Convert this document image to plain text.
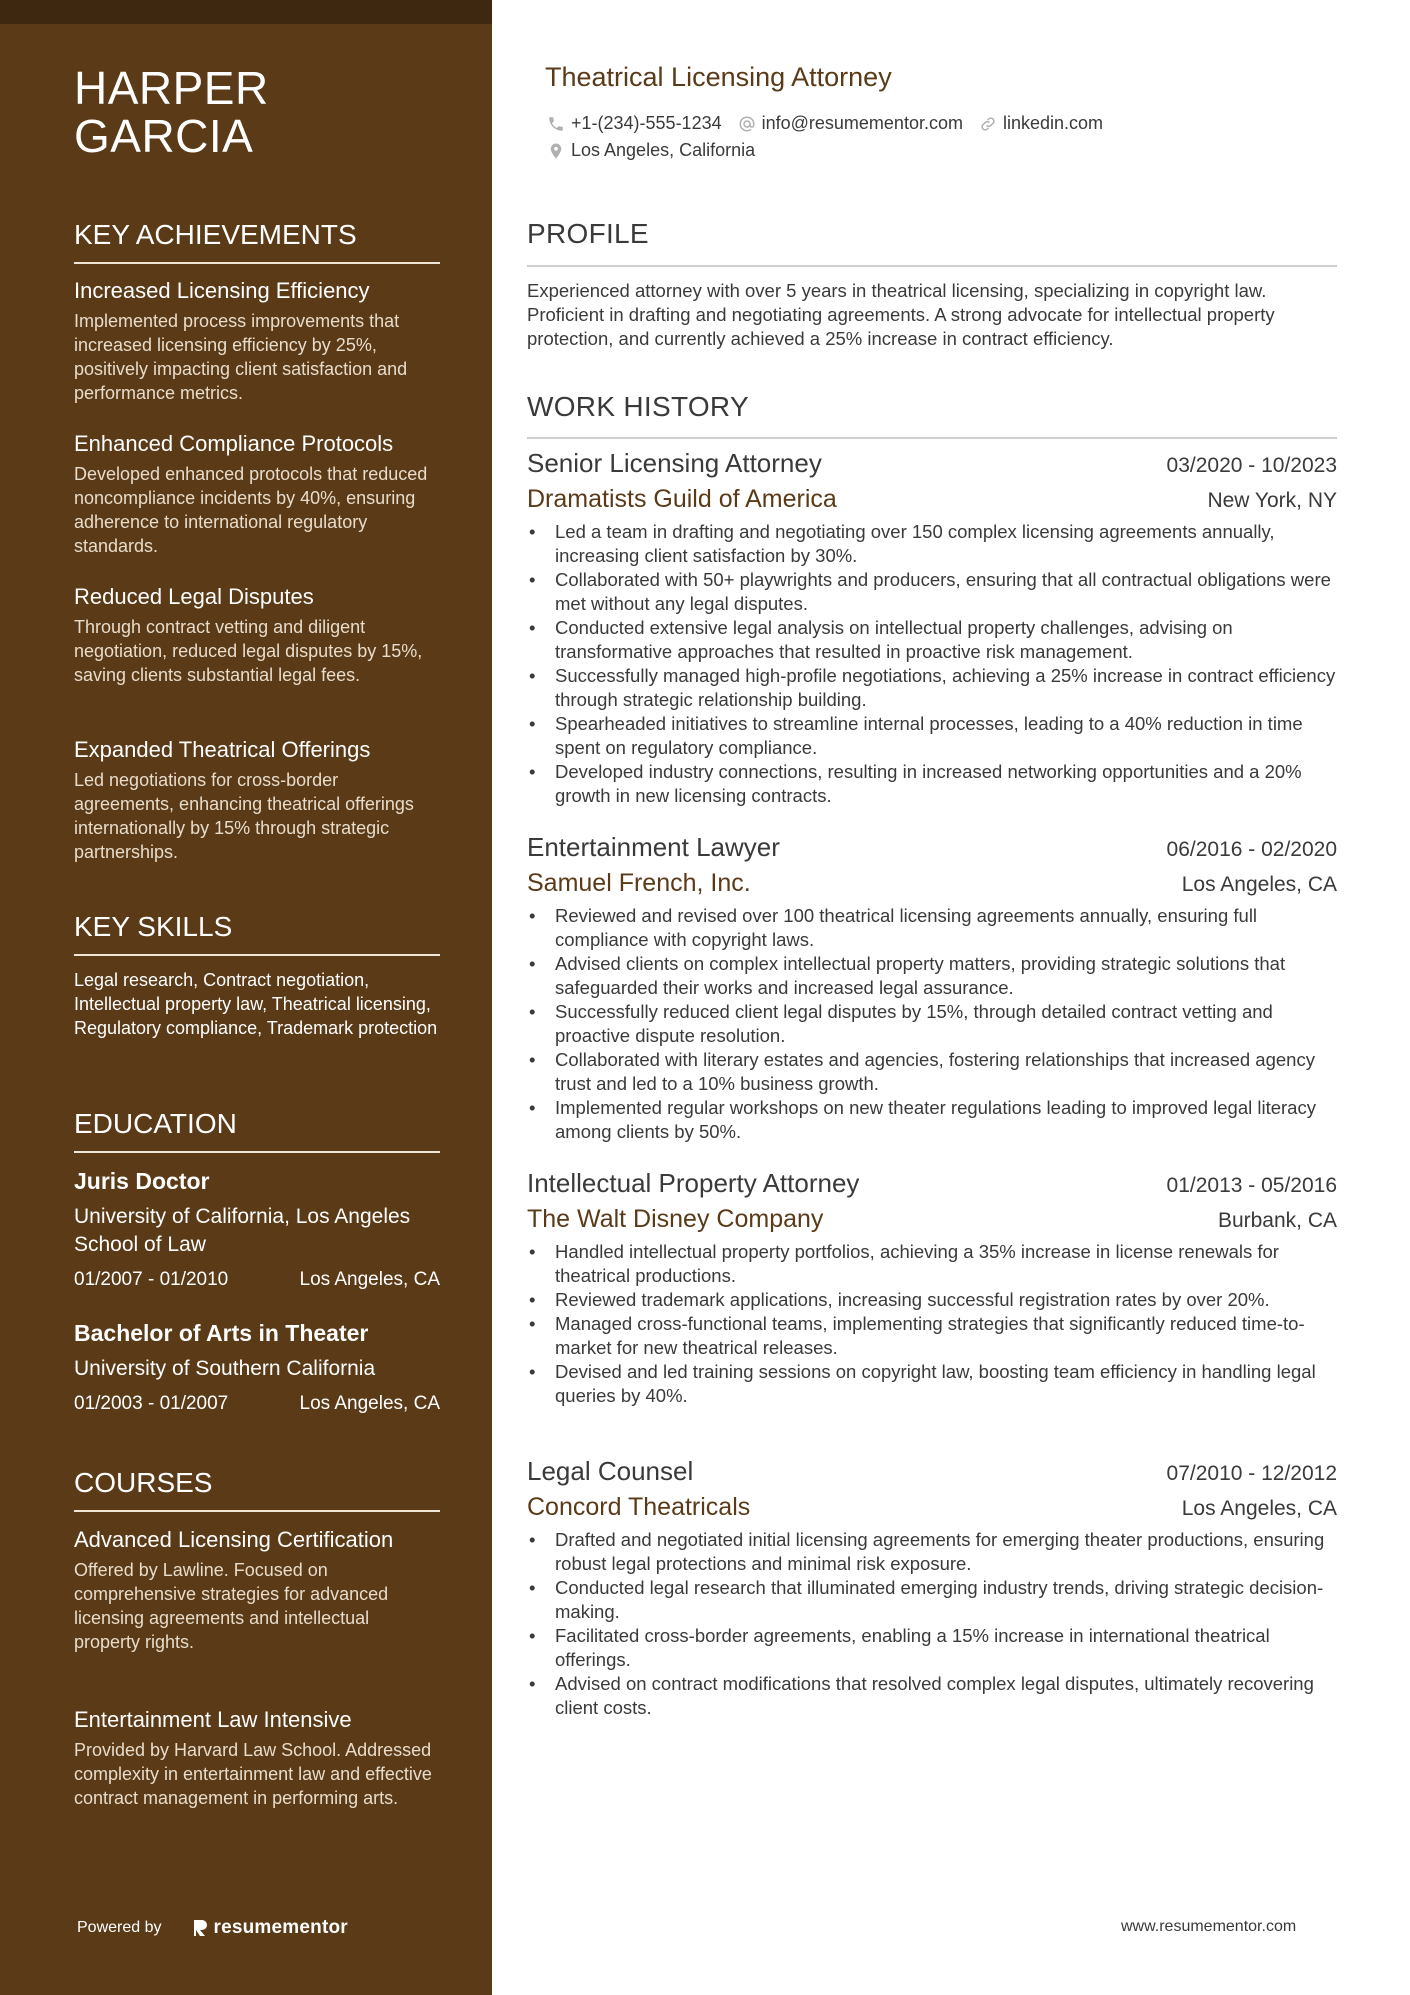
HARPER
GARCIA
KEY ACHIEVEMENTS
Increased Licensing Efficiency
Implemented process improvements that increased licensing efficiency by 25%, positively impacting client satisfaction and performance metrics.
Enhanced Compliance Protocols
Developed enhanced protocols that reduced noncompliance incidents by 40%, ensuring adherence to international regulatory standards.
Reduced Legal Disputes
Through contract vetting and diligent negotiation, reduced legal disputes by 15%, saving clients substantial legal fees.
Expanded Theatrical Offerings
Led negotiations for cross-border agreements, enhancing theatrical offerings internationally by 15% through strategic partnerships.
KEY SKILLS
Legal research, Contract negotiation, Intellectual property law, Theatrical licensing, Regulatory compliance, Trademark protection
EDUCATION
Juris Doctor
University of California, Los Angeles School of Law
01/2007 - 01/2010	Los Angeles, CA
Bachelor of Arts in Theater
University of Southern California
01/2003 - 01/2007	Los Angeles, CA
COURSES
Advanced Licensing Certification
Offered by Lawline. Focused on comprehensive strategies for advanced licensing agreements and intellectual property rights.
Entertainment Law Intensive
Provided by Harvard Law School. Addressed complexity in entertainment law and effective contract management in performing arts.
Powered by	resumementor
Theatrical Licensing Attorney
+1-(234)-555-1234 info@resumementor.com linkedin.com
Los Angeles, California
PROFILE
Experienced attorney with over 5 years in theatrical licensing, specializing in copyright law. Proficient in drafting and negotiating agreements. A strong advocate for intellectual property protection, and currently achieved a 25% increase in contract efficiency.
WORK HISTORY
Senior Licensing Attorney	03/2020 - 10/2023
Dramatists Guild of America	New York, NY
• Led a team in drafting and negotiating over 150 complex licensing agreements annually, increasing client satisfaction by 30%.
• Collaborated with 50+ playwrights and producers, ensuring that all contractual obligations were met without any legal disputes.
• Conducted extensive legal analysis on intellectual property challenges, advising on transformative approaches that resulted in proactive risk management.
• Successfully managed high-profile negotiations, achieving a 25% increase in contract efficiency through strategic relationship building.
• Spearheaded initiatives to streamline internal processes, leading to a 40% reduction in time spent on regulatory compliance.
• Developed industry connections, resulting in increased networking opportunities and a 20% growth in new licensing contracts.
Entertainment Lawyer	06/2016 - 02/2020
Samuel French, Inc.	Los Angeles, CA
• Reviewed and revised over 100 theatrical licensing agreements annually, ensuring full compliance with copyright laws.
• Advised clients on complex intellectual property matters, providing strategic solutions that safeguarded their works and increased legal assurance.
• Successfully reduced client legal disputes by 15%, through detailed contract vetting and proactive dispute resolution.
• Collaborated with literary estates and agencies, fostering relationships that increased agency trust and led to a 10% business growth.
• Implemented regular workshops on new theater regulations leading to improved legal literacy among clients by 50%.
Intellectual Property Attorney	01/2013 - 05/2016
The Walt Disney Company	Burbank, CA
• Handled intellectual property portfolios, achieving a 35% increase in license renewals for theatrical productions.
• Reviewed trademark applications, increasing successful registration rates by over 20%.
• Managed cross-functional teams, implementing strategies that significantly reduced time-to-market for new theatrical releases.
• Devised and led training sessions on copyright law, boosting team efficiency in handling legal queries by 40%.
Legal Counsel	07/2010 - 12/2012
Concord Theatricals	Los Angeles, CA
• Drafted and negotiated initial licensing agreements for emerging theater productions, ensuring robust legal protections and minimal risk exposure.
• Conducted legal research that illuminated emerging industry trends, driving strategic decision-making.
• Facilitated cross-border agreements, enabling a 15% increase in international theatrical offerings.
• Advised on contract modifications that resolved complex legal disputes, ultimately recovering client costs.
www.resumementor.com
